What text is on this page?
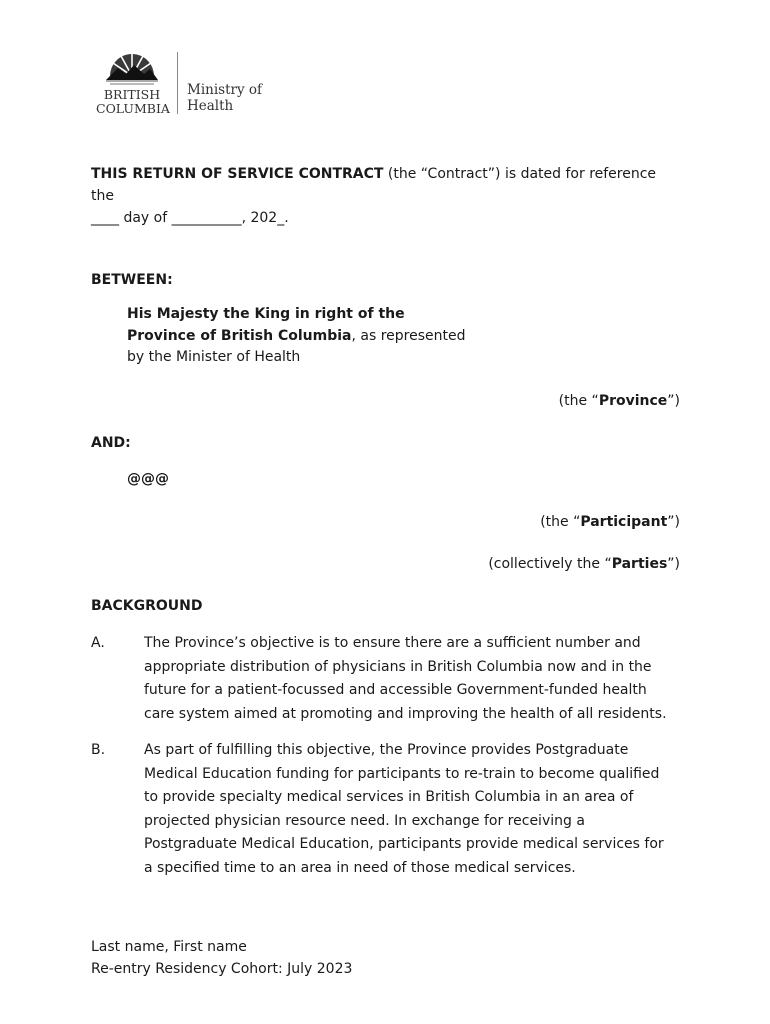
BRITISH
COLUMBIA
Ministry of
Health
THIS RETURN OF SERVICE CONTRACT (the “Contract”) is dated for reference the
____ day of __________, 202_.
BETWEEN:
His Majesty the King in right of the
Province of British Columbia, as represented
by the Minister of Health
(the “Province”)
AND:
@@@
(the “Participant”)
(collectively the “Parties”)
BACKGROUND
A.	The Province’s objective is to ensure there are a sufficient number and
appropriate distribution of physicians in British Columbia now and in the
future for a patient-focussed and accessible Government-funded health
care system aimed at promoting and improving the health of all residents.
B.	As part of fulfilling this objective, the Province provides Postgraduate
Medical Education funding for participants to re-train to become qualified
to provide specialty medical services in British Columbia in an area of
projected physician resource need. In exchange for receiving a
Postgraduate Medical Education, participants provide medical services for
a specified time to an area in need of those medical services.
Last name, First name
Re-entry Residency Cohort: July 2023
